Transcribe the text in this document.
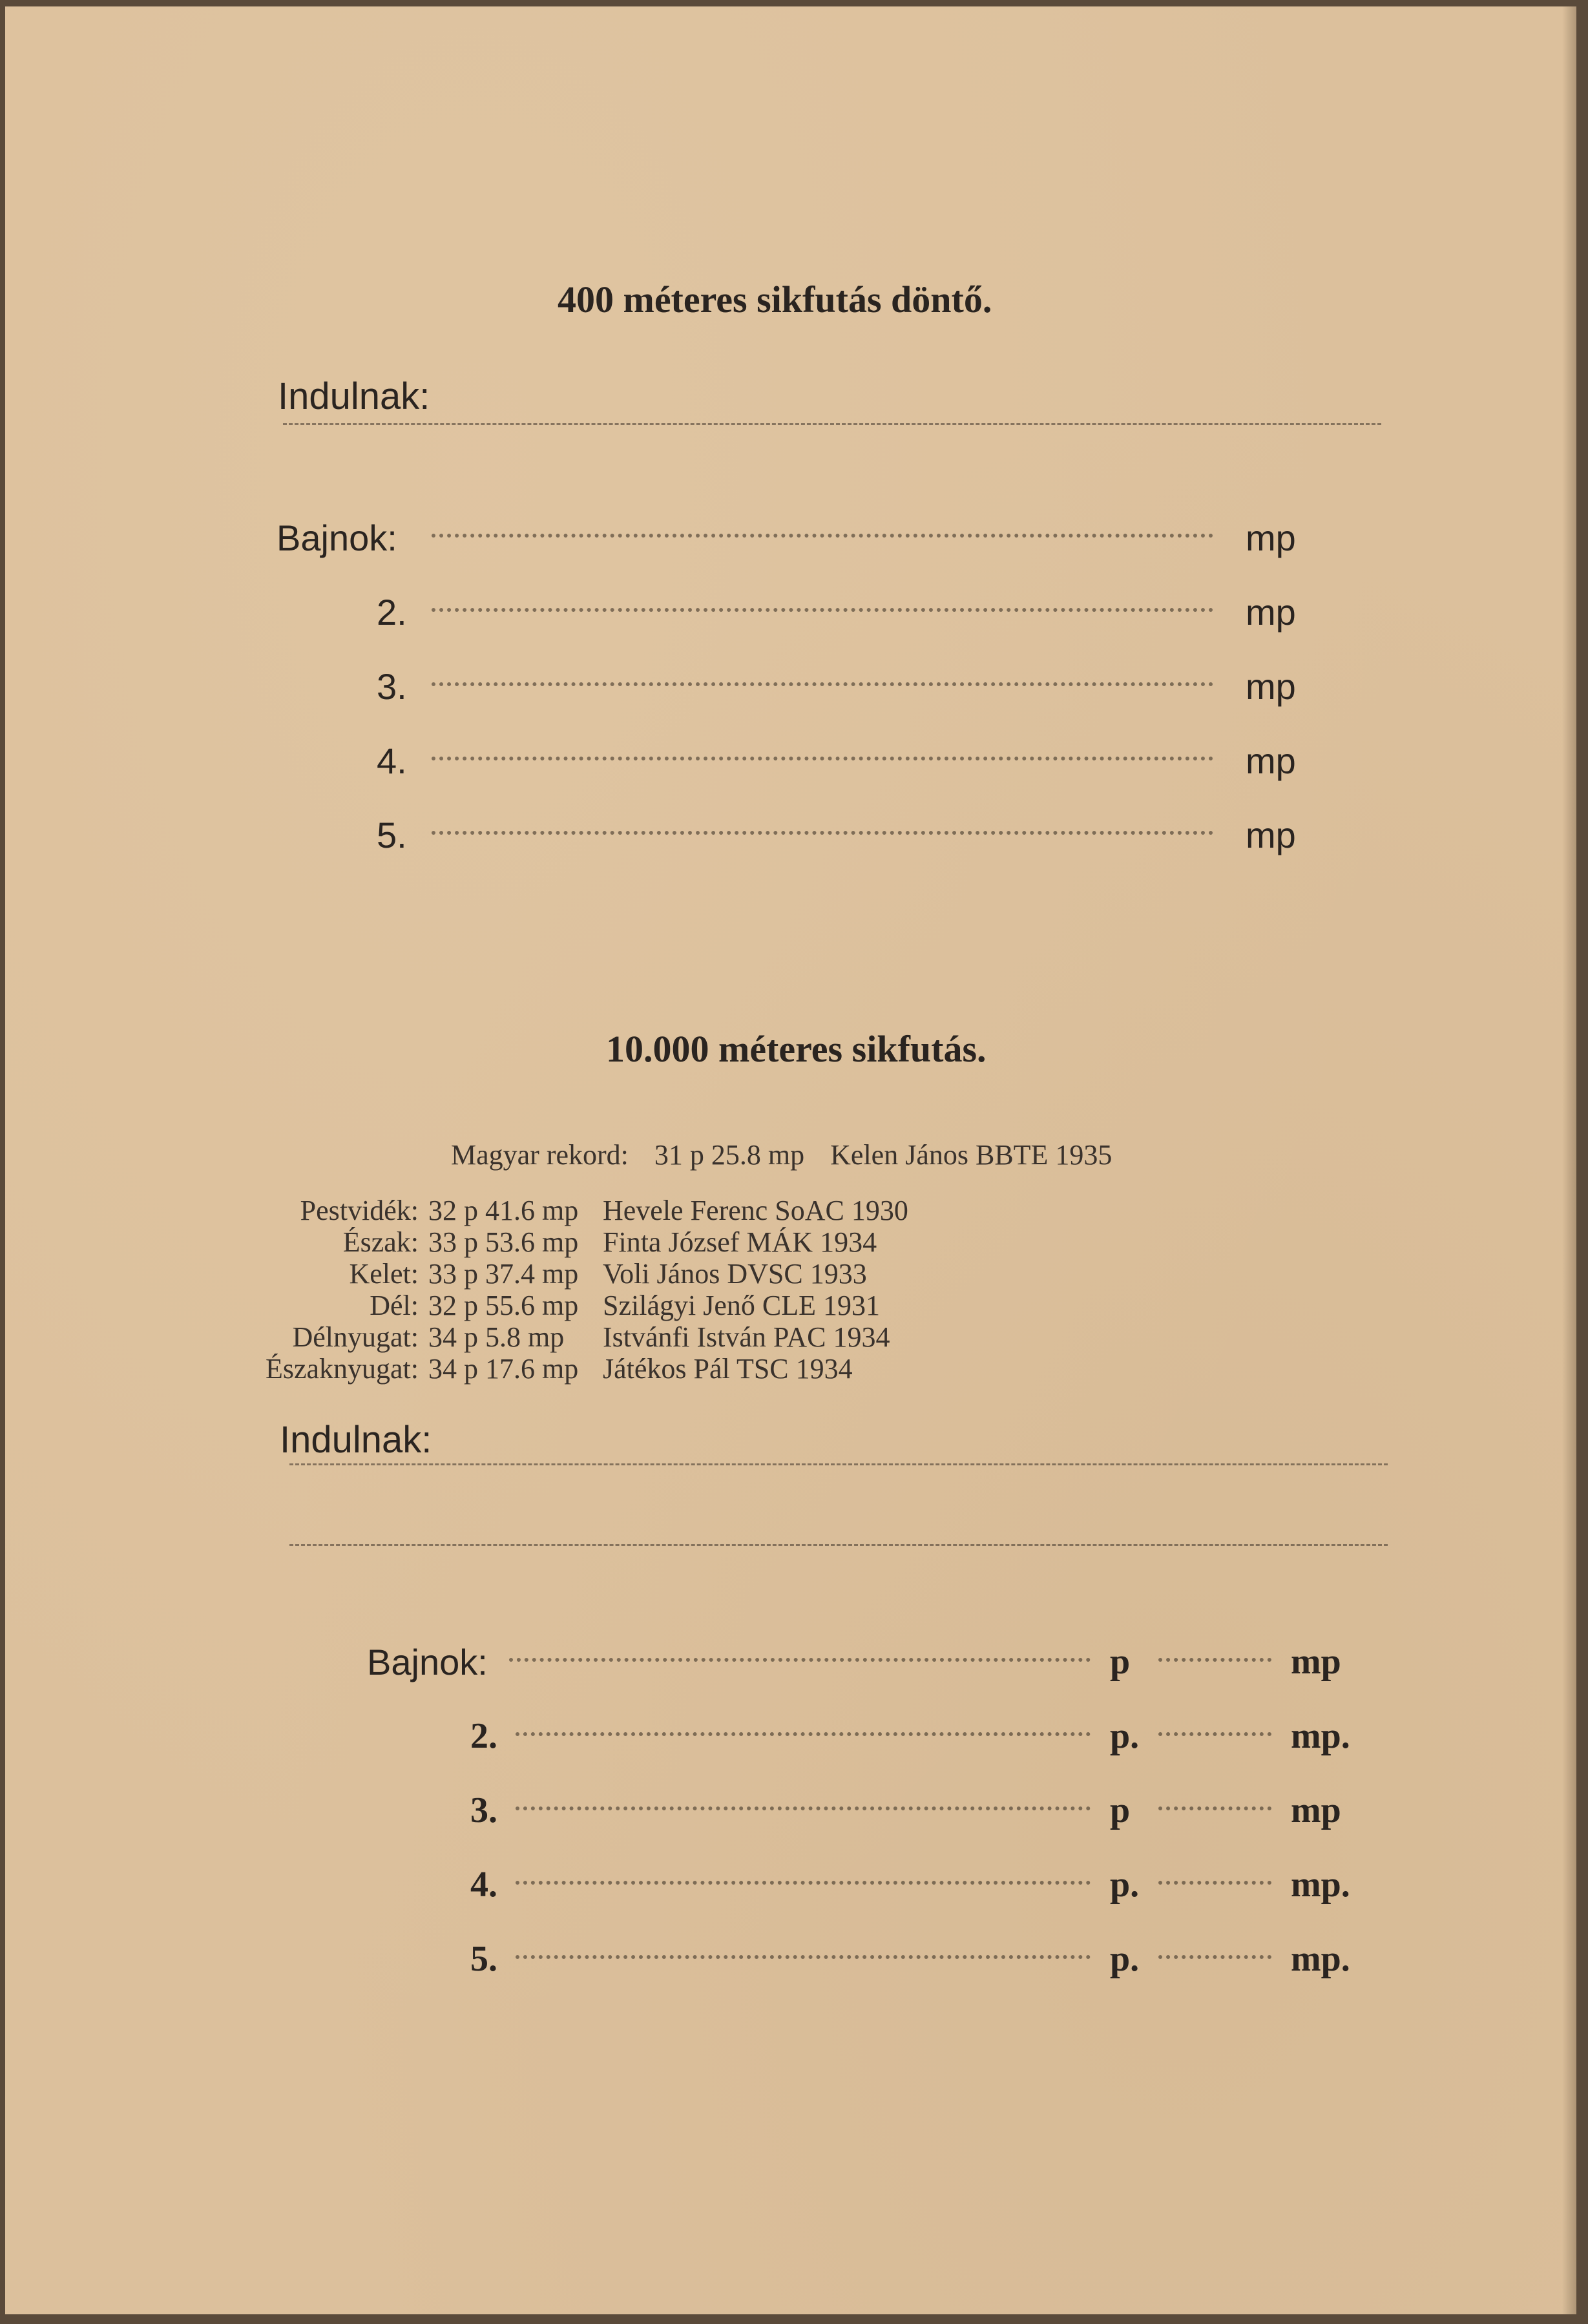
400 méteres sikfutás döntő.
Indulnak:
Bajnok:	mp
2.	mp
3.	mp
4.	mp
5.	mp
10.000 méteres sikfutás.
Magyar rekord: 31 p 25.8 mp Kelen János BBTE 1935
Pestvidék: 32 p 41.6 mp Hevele Ferenc SoAC 1930
Észak: 33 p 53.6 mp Finta József MÁK 1934
Kelet: 33 p 37.4 mp Voli János DVSC 1933
Dél: 32 p 55.6 mp Szilágyi Jenő CLE 1931
Délnyugat: 34 p 5.8 mp Istvánfi István PAC 1934
Északnyugat: 34 p 17.6 mp Játékos Pál TSC 1934
Indulnak:
Bajnok:	p	mp
2.	p.	mp.
3.	p	mp
4.	p.	mp.
5.	p.	mp.
